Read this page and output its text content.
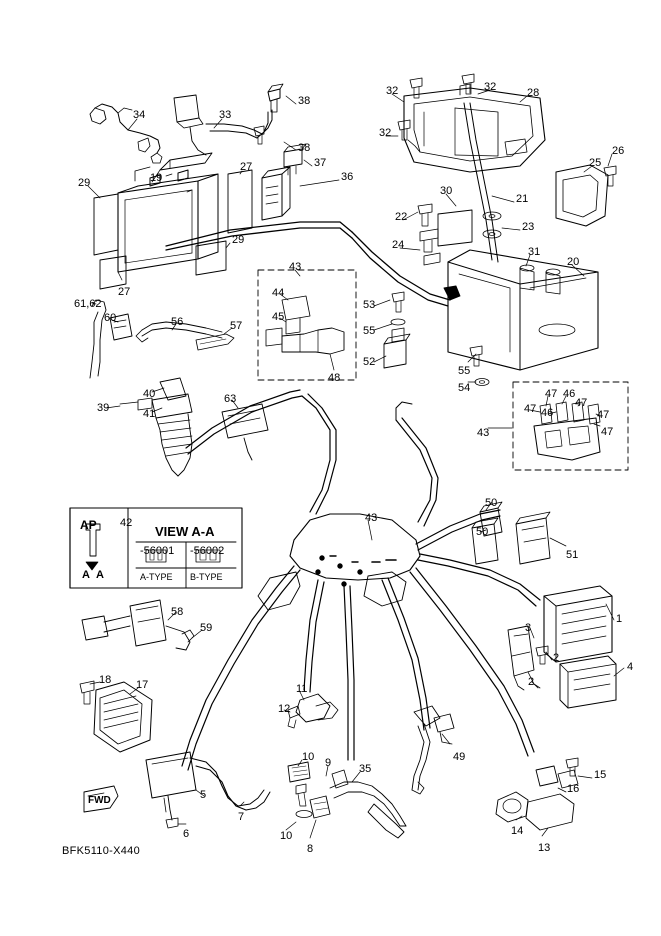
AP 42
VIEW A-A
-56001 -56002
A-TYPE B-TYPE
A A
FWD
BFK5110-X440
34	33
38
38
19
27	37
36
29
29
27
32	32	28
32
26
25
30
21
22
23
24
31
20
43
44
45
53
55
52
48
55
54
61,62
60	56	57
40
39	41
63	47 46
47 46
47
47
47
43
50
50
51
43
1
3
4
2
2
58
59
18 17	11
12
49
10 9	35
5
7
6	10
8
15
16
14
13
